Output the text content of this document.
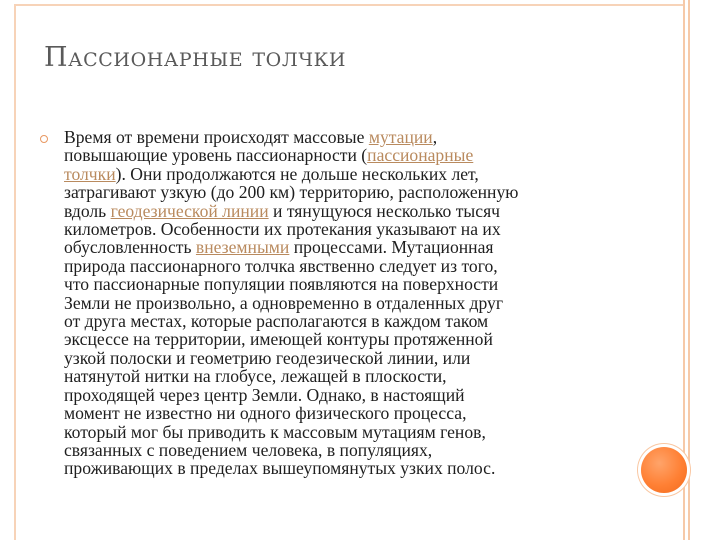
Пассионарные толчки
Время от времени происходят массовые мутации,
повышающие уровень пассионарности (пассионарные
толчки). Они продолжаются не дольше нескольких лет,
затрагивают узкую (до 200 км) территорию, расположенную
вдоль геодезической линии и тянущуюся несколько тысяч
километров. Особенности их протекания указывают на их
обусловленность внеземными процессами. Мутационная
природа пассионарного толчка явственно следует из того,
что пассионарные популяции появляются на поверхности
Земли не произвольно, а одновременно в отдаленных друг
от друга местах, которые располагаются в каждом таком
эксцессе на территории, имеющей контуры протяженной
узкой полоски и геометрию геодезической линии, или
натянутой нитки на глобусе, лежащей в плоскости,
проходящей через центр Земли. Однако, в настоящий
момент не известно ни одного физического процесса,
который мог бы приводить к массовым мутациям генов,
связанных с поведением человека, в популяциях,
проживающих в пределах вышеупомянутых узких полос.
